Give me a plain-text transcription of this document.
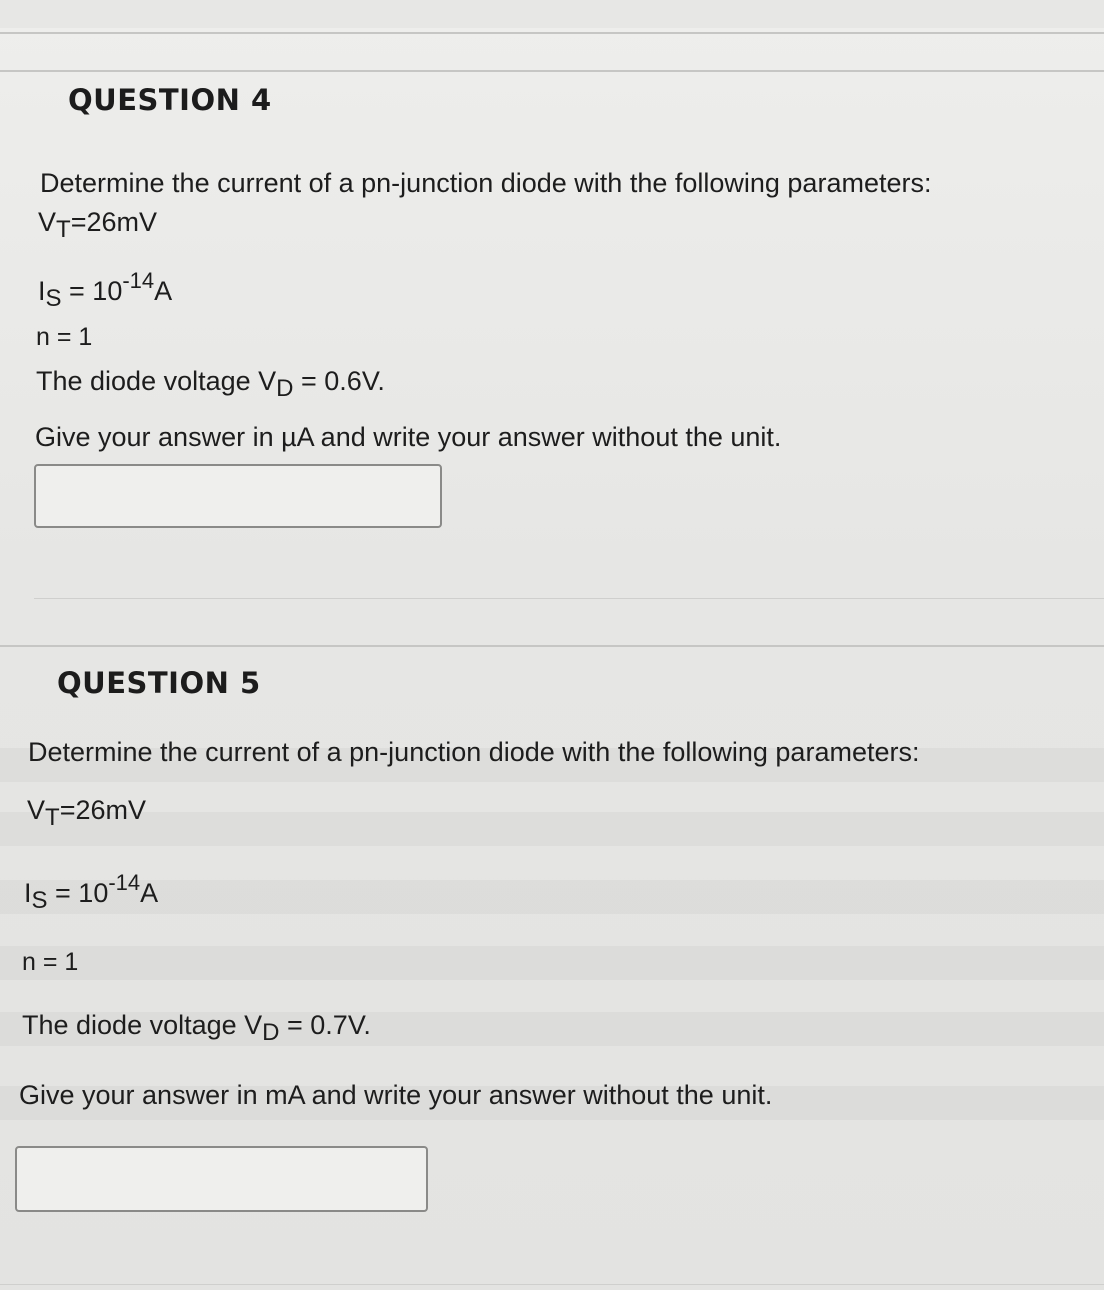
QUESTION 4
Determine the current of a pn-junction diode with the following parameters:
$V_T=26mV$
$I_S = 10^{-14}A$
n = 1
The diode voltage $V_D = 0.6V$.
Give your answer in µA and write your answer without the unit.
QUESTION 5
Determine the current of a pn-junction diode with the following parameters:
$V_T=26mV$
$I_S = 10^{-14}A$
n = 1
The diode voltage $V_D = 0.7V$.
Give your answer in mA and write your answer without the unit.
